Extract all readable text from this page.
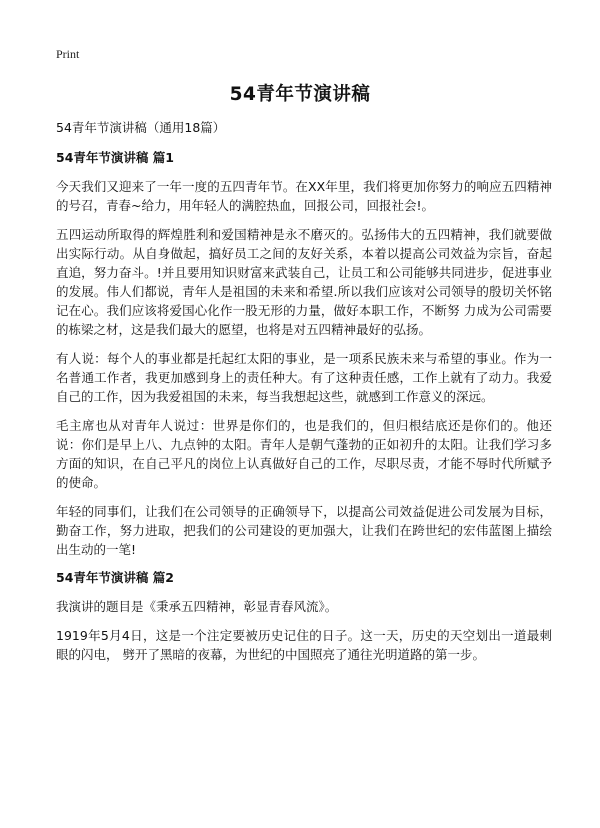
Print
54青年节演讲稿

54青年节演讲稿（通用18篇）

54青年节演讲稿 篇1

今天我们又迎来了一年一度的五四青年节。在XX年里，我们将更加你努力的响应五四精神的号召，青春~给力，用年轻人的满腔热血，回报公司，回报社会!。

五四运动所取得的辉煌胜利和爱国精神是永不磨灭的。弘扬伟大的五四精神，我们就要做出实际行动。从自身做起，搞好员工之间的友好关系，本着以提高公司效益为宗旨，奋起直追，努力奋斗。!并且要用知识财富来武装自己，让员工和公司能够共同进步，促进事业的发展。伟人们都说，青年人是祖国的未来和希望.所以我们应该对公司领导的殷切关怀铭记在心。我们应该将爱国心化作一股无形的力量，做好本职工作，不断努 力成为公司需要的栋梁之材，这是我们最大的愿望，也将是对五四精神最好的弘扬。

有人说：每个人的事业都是托起红太阳的事业，是一项系民族未来与希望的事业。作为一名普通工作者，我更加感到身上的责任种大。有了这种责任感，工作上就有了动力。我爱自己的工作，因为我爱祖国的未来，每当我想起这些，就感到工作意义的深远。

毛主席也从对青年人说过：世界是你们的，也是我们的，但归根结底还是你们的。他还说：你们是早上八、九点钟的太阳。青年人是朝气蓬勃的正如初升的太阳。让我们学习多方面的知识，在自己平凡的岗位上认真做好自己的工作，尽职尽责，才能不辱时代所赋予的使命。

年轻的同事们，让我们在公司领导的正确领导下，以提高公司效益促进公司发展为目标，勤奋工作，努力进取，把我们的公司建设的更加强大，让我们在跨世纪的宏伟蓝图上描绘出生动的一笔!

54青年节演讲稿 篇2

我演讲的题目是《秉承五四精神，彰显青春风流》。

1919年5月4日，这是一个注定要被历史记住的日子。这一天，历史的天空划出一道最刺眼的闪电， 劈开了黑暗的夜幕，为世纪的中国照亮了通往光明道路的第一步。
